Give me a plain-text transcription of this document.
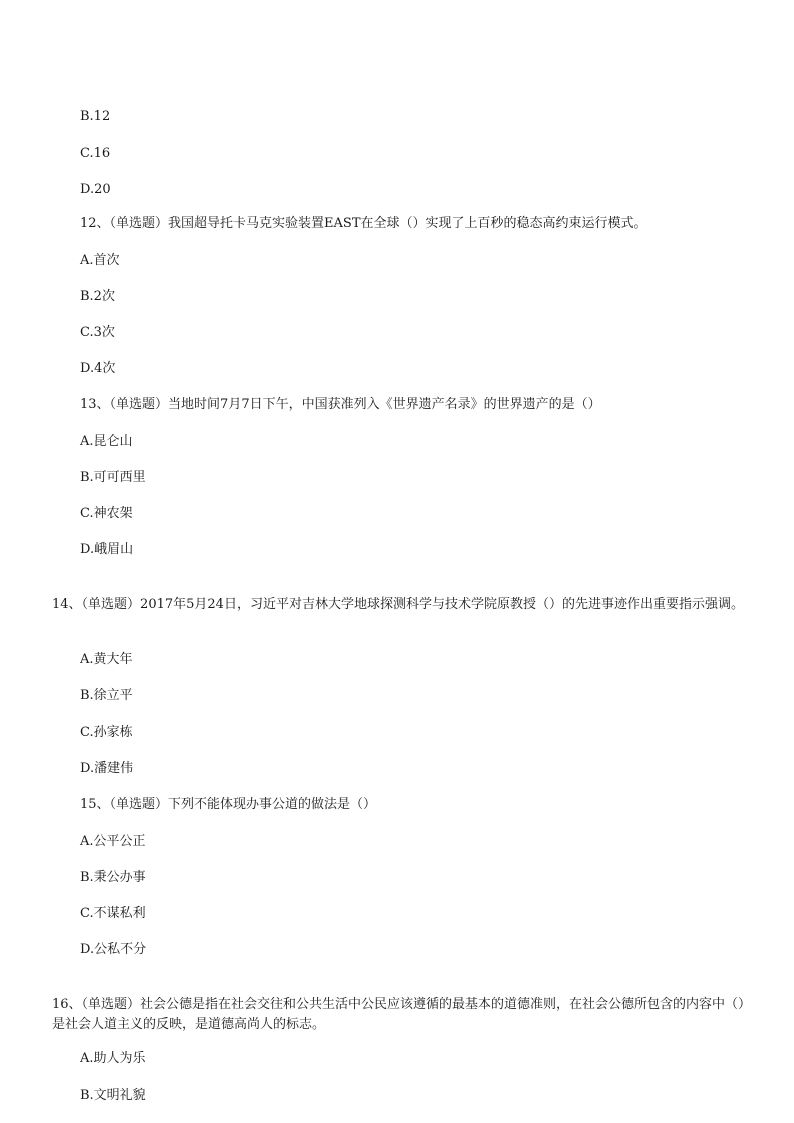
B.12
C.16
D.20
12、（单选题）我国超导托卡马克实验装置EAST在全球（）实现了上百秒的稳态高约束运行模式。
A.首次
B.2次
C.3次
D.4次
13、（单选题）当地时间7月7日下午，中国获准列入《世界遗产名录》的世界遗产的是（）
A.昆仑山
B.可可西里
C.神农架
D.峨眉山
14、（单选题）2017年5月24日，习近平对吉林大学地球探测科学与技术学院原教授（）的先进事迹作出重要指示强调。
A.黄大年
B.徐立平
C.孙家栋
D.潘建伟
15、（单选题）下列不能体现办事公道的做法是（）
A.公平公正
B.秉公办事
C.不谋私利
D.公私不分
16、（单选题）社会公德是指在社会交往和公共生活中公民应该遵循的最基本的道德准则，在社会公德所包含的内容中（）是社会人道主义的反映，是道德高尚人的标志。
A.助人为乐
B.文明礼貌
